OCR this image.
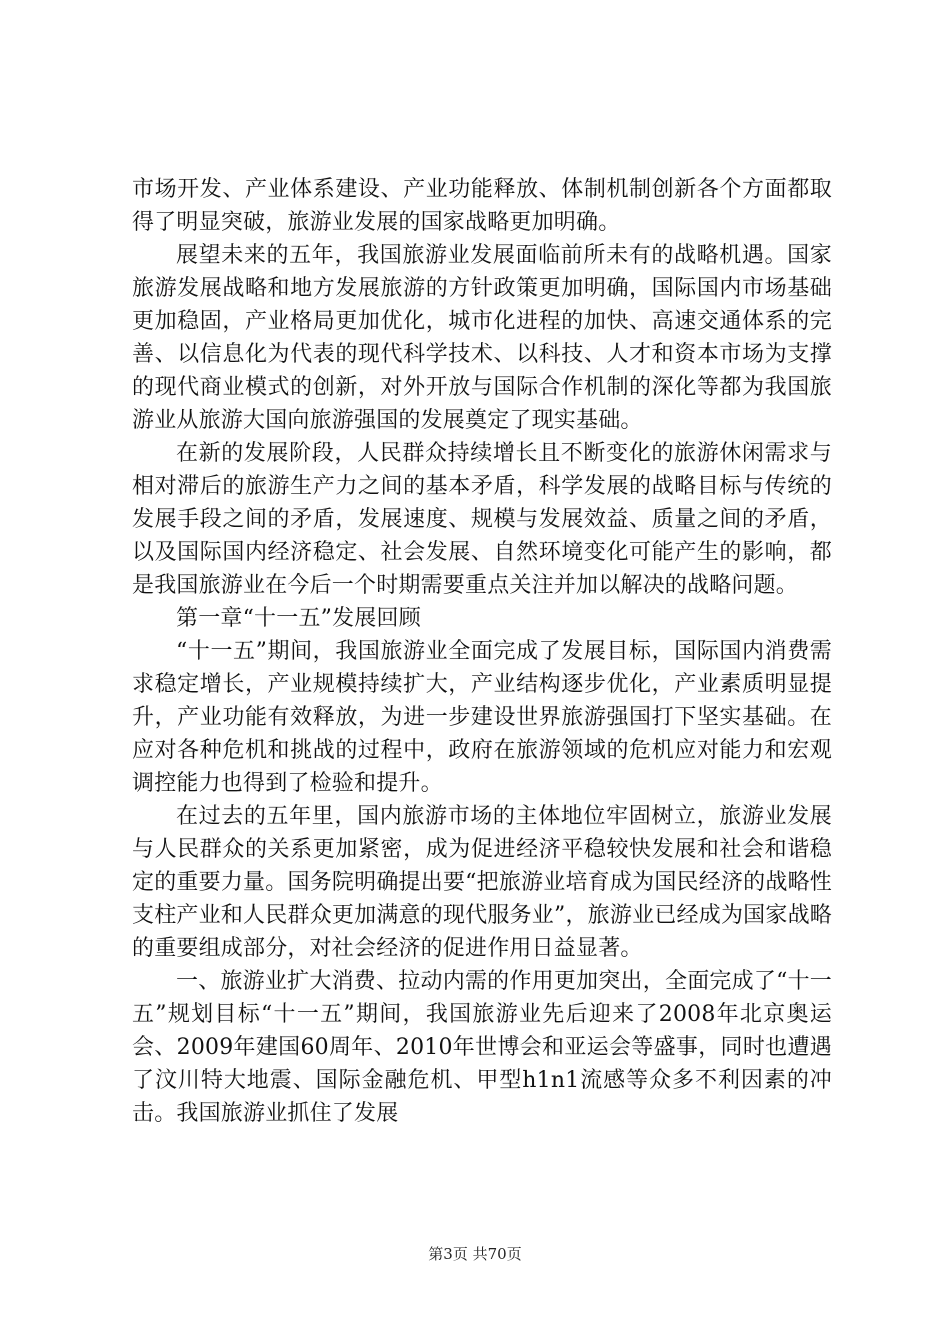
市场开发、产业体系建设、产业功能释放、体制机制创新各个方面都取得了明显突破，旅游业发展的国家战略更加明确。

展望未来的五年，我国旅游业发展面临前所未有的战略机遇。国家旅游发展战略和地方发展旅游的方针政策更加明确，国际国内市场基础更加稳固，产业格局更加优化，城市化进程的加快、高速交通体系的完善、以信息化为代表的现代科学技术、以科技、人才和资本市场为支撑的现代商业模式的创新，对外开放与国际合作机制的深化等都为我国旅游业从旅游大国向旅游强国的发展奠定了现实基础。

在新的发展阶段，人民群众持续增长且不断变化的旅游休闲需求与相对滞后的旅游生产力之间的基本矛盾，科学发展的战略目标与传统的发展手段之间的矛盾，发展速度、规模与发展效益、质量之间的矛盾，以及国际国内经济稳定、社会发展、自然环境变化可能产生的影响，都是我国旅游业在今后一个时期需要重点关注并加以解决的战略问题。

第一章“十一五”发展回顾

“十一五”期间，我国旅游业全面完成了发展目标，国际国内消费需求稳定增长，产业规模持续扩大，产业结构逐步优化，产业素质明显提升，产业功能有效释放，为进一步建设世界旅游强国打下坚实基础。在应对各种危机和挑战的过程中，政府在旅游领域的危机应对能力和宏观调控能力也得到了检验和提升。

在过去的五年里，国内旅游市场的主体地位牢固树立，旅游业发展与人民群众的关系更加紧密，成为促进经济平稳较快发展和社会和谐稳定的重要力量。国务院明确提出要“把旅游业培育成为国民经济的战略性支柱产业和人民群众更加满意的现代服务业”，旅游业已经成为国家战略的重要组成部分，对社会经济的促进作用日益显著。

一、旅游业扩大消费、拉动内需的作用更加突出，全面完成了“十一五”规划目标“十一五”期间，我国旅游业先后迎来了2008年北京奥运会、2009年建国60周年、2010年世博会和亚运会等盛事，同时也遭遇了汶川特大地震、国际金融危机、甲型h1n1流感等众多不利因素的冲击。我国旅游业抓住了发展

第3页 共70页
